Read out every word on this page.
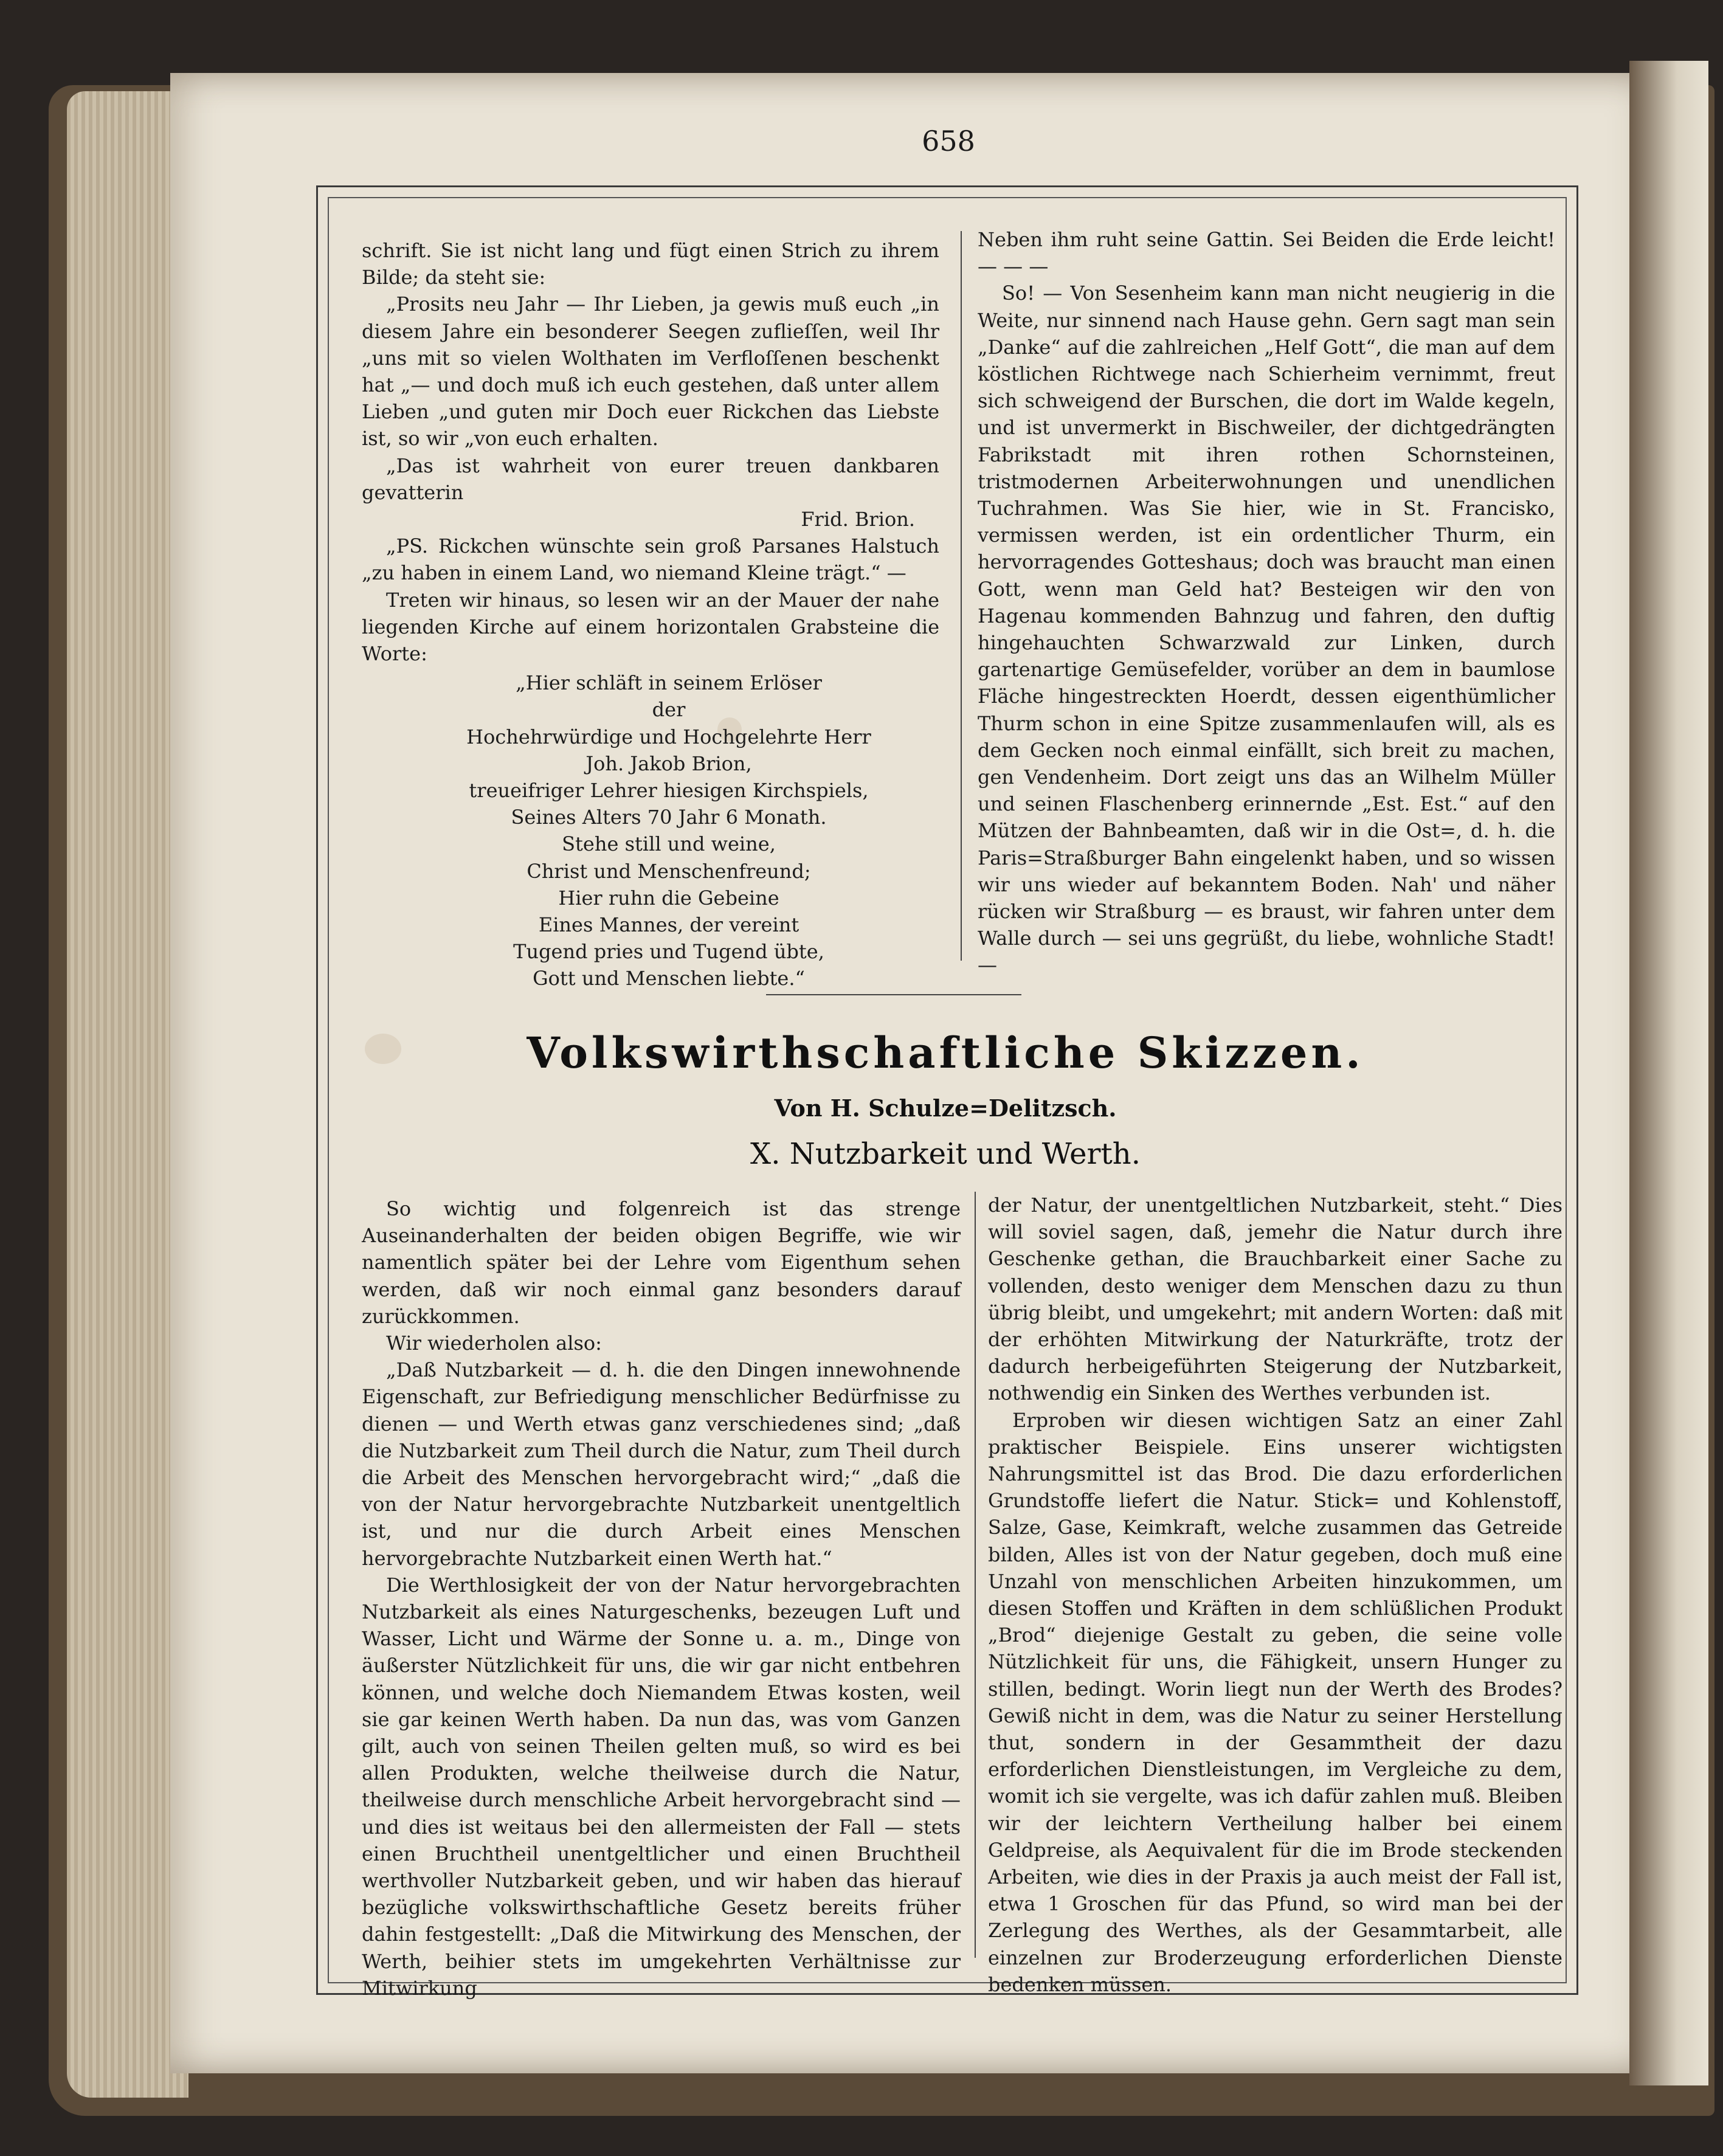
658

schrift. Sie ist nicht lang und fügt einen Strich zu ihrem Bilde; da steht sie:

„Prosits neu Jahr — Ihr Lieben, ja gewis muß euch „in diesem Jahre ein besonderer Seegen zuflieſſen, weil Ihr „uns mit so vielen Wolthaten im Verfloſſenen beschenkt hat „— und doch muß ich euch gestehen, daß unter allem Lieben „und guten mir Doch euer Rickchen das Liebste ist, so wir „von euch erhalten.

„Das ist wahrheit von eurer treuen dankbaren gevatterin

Frid. Brion.

„PS. Rickchen wünschte sein groß Parsanes Halstuch „zu haben in einem Land, wo niemand Kleine trägt.“ —

Treten wir hinaus, so lesen wir an der Mauer der nahe liegenden Kirche auf einem horizontalen Grabsteine die Worte:

„Hier schläft in seinem Erlöser

der

Hochehrwürdige und Hochgelehrte Herr

Joh. Jakob Brion,

treueifriger Lehrer hiesigen Kirchspiels,

Seines Alters 70 Jahr 6 Monath.

Stehe still und weine,

Christ und Menschenfreund;

Hier ruhn die Gebeine

Eines Mannes, der vereint

Tugend pries und Tugend übte,

Gott und Menschen liebte.“

Neben ihm ruht seine Gattin. Sei Beiden die Erde leicht! — — —

So! — Von Sesenheim kann man nicht neugierig in die Weite, nur sinnend nach Hause gehn. Gern sagt man sein „Danke“ auf die zahlreichen „Helf Gott“, die man auf dem köstlichen Richtwege nach Schierheim vernimmt, freut sich schweigend der Burschen, die dort im Walde kegeln, und ist unvermerkt in Bischweiler, der dichtgedrängten Fabrikstadt mit ihren rothen Schornsteinen, tristmodernen Arbeiterwohnungen und unendlichen Tuchrahmen. Was Sie hier, wie in St. Francisko, vermissen werden, ist ein ordentlicher Thurm, ein hervorragendes Gotteshaus; doch was braucht man einen Gott, wenn man Geld hat? Besteigen wir den von Hagenau kommenden Bahnzug und fahren, den duftig hingehauchten Schwarzwald zur Linken, durch gartenartige Gemüsefelder, vorüber an dem in baumlose Fläche hingestreckten Hoerdt, dessen eigenthümlicher Thurm schon in eine Spitze zusammenlaufen will, als es dem Gecken noch einmal einfällt, sich breit zu machen, gen Vendenheim. Dort zeigt uns das an Wilhelm Müller und seinen Flaschenberg erinnernde „Est. Est.“ auf den Mützen der Bahnbeamten, daß wir in die Ost=, d. h. die Paris=Straßburger Bahn eingelenkt haben, und so wissen wir uns wieder auf bekanntem Boden. Nah' und näher rücken wir Straßburg — es braust, wir fahren unter dem Walle durch — sei uns gegrüßt, du liebe, wohnliche Stadt! —

Volkswirthschaftliche Skizzen.
Von H. Schulze=Delitzsch.
X. Nutzbarkeit und Werth.

So wichtig und folgenreich ist das strenge Auseinanderhalten der beiden obigen Begriffe, wie wir namentlich später bei der Lehre vom Eigenthum sehen werden, daß wir noch einmal ganz besonders darauf zurückkommen.

Wir wiederholen also:

„Daß Nutzbarkeit — d. h. die den Dingen innewohnende Eigenschaft, zur Befriedigung menschlicher Bedürfnisse zu dienen — und Werth etwas ganz verschiedenes sind; „daß die Nutzbarkeit zum Theil durch die Natur, zum Theil durch die Arbeit des Menschen hervorgebracht wird;“ „daß die von der Natur hervorgebrachte Nutzbarkeit unentgeltlich ist, und nur die durch Arbeit eines Menschen hervorgebrachte Nutzbarkeit einen Werth hat.“

Die Werthlosigkeit der von der Natur hervorgebrachten Nutzbarkeit als eines Naturgeschenks, bezeugen Luft und Wasser, Licht und Wärme der Sonne u. a. m., Dinge von äußerster Nützlichkeit für uns, die wir gar nicht entbehren können, und welche doch Niemandem Etwas kosten, weil sie gar keinen Werth haben. Da nun das, was vom Ganzen gilt, auch von seinen Theilen gelten muß, so wird es bei allen Produkten, welche theilweise durch die Natur, theilweise durch menschliche Arbeit hervorgebracht sind — und dies ist weitaus bei den allermeisten der Fall — stets einen Bruchtheil unentgeltlicher und einen Bruchtheil werthvoller Nutzbarkeit geben, und wir haben das hierauf bezügliche volkswirthschaftliche Gesetz bereits früher dahin festgestellt: „Daß die Mitwirkung des Menschen, der Werth, beihier stets im umgekehrten Verhältnisse zur Mitwirkung

der Natur, der unentgeltlichen Nutzbarkeit, steht.“ Dies will soviel sagen, daß, jemehr die Natur durch ihre Geschenke gethan, die Brauchbarkeit einer Sache zu vollenden, desto weniger dem Menschen dazu zu thun übrig bleibt, und umgekehrt; mit andern Worten: daß mit der erhöhten Mitwirkung der Naturkräfte, trotz der dadurch herbeigeführten Steigerung der Nutzbarkeit, nothwendig ein Sinken des Werthes verbunden ist.

Erproben wir diesen wichtigen Satz an einer Zahl praktischer Beispiele. Eins unserer wichtigsten Nahrungsmittel ist das Brod. Die dazu erforderlichen Grundstoffe liefert die Natur. Stick= und Kohlenstoff, Salze, Gase, Keimkraft, welche zusammen das Getreide bilden, Alles ist von der Natur gegeben, doch muß eine Unzahl von menschlichen Arbeiten hinzukommen, um diesen Stoffen und Kräften in dem schlüßlichen Produkt „Brod“ diejenige Gestalt zu geben, die seine volle Nützlichkeit für uns, die Fähigkeit, unsern Hunger zu stillen, bedingt. Worin liegt nun der Werth des Brodes? Gewiß nicht in dem, was die Natur zu seiner Herstellung thut, sondern in der Gesammtheit der dazu erforderlichen Dienstleistungen, im Vergleiche zu dem, womit ich sie vergelte, was ich dafür zahlen muß. Bleiben wir der leichtern Vertheilung halber bei einem Geldpreise, als Aequivalent für die im Brode steckenden Arbeiten, wie dies in der Praxis ja auch meist der Fall ist, etwa 1 Groschen für das Pfund, so wird man bei der Zerlegung des Werthes, als der Gesammtarbeit, alle einzelnen zur Broderzeugung erforderlichen Dienste bedenken müssen.
